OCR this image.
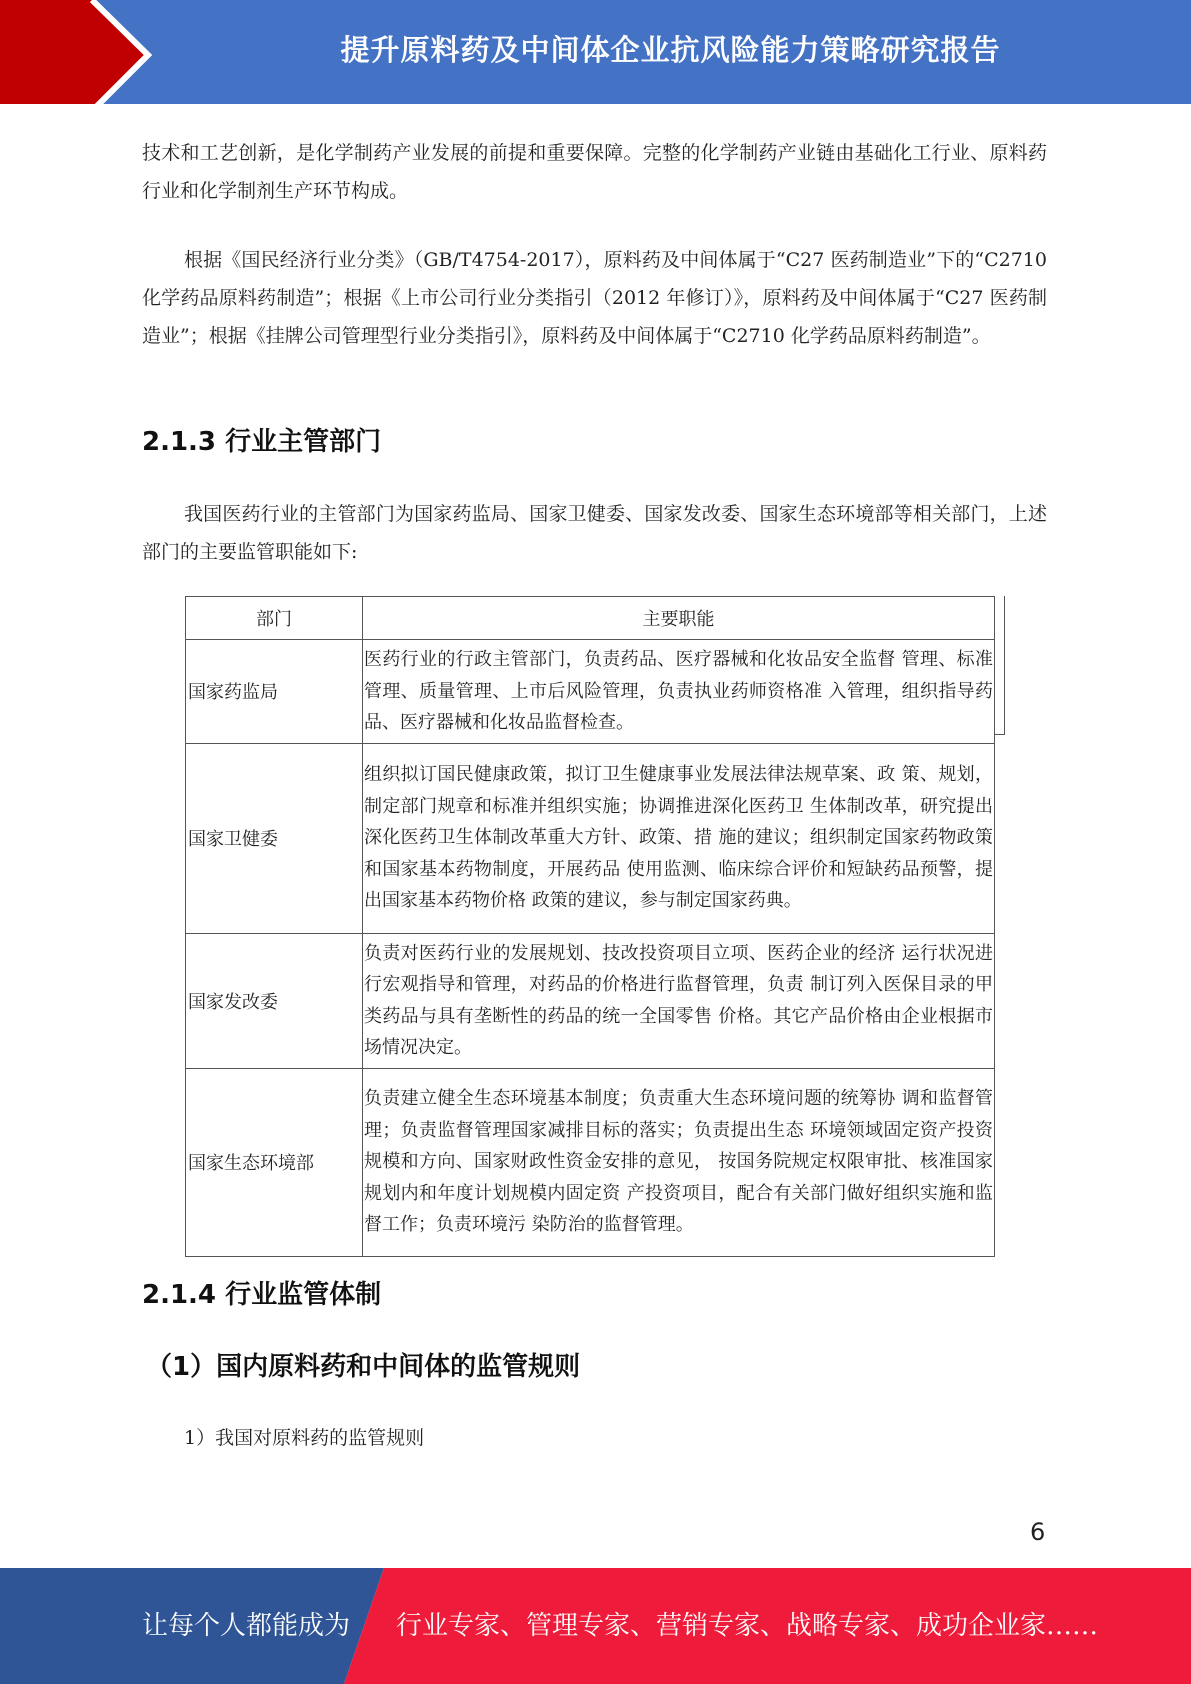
提升原料药及中间体企业抗风险能力策略研究报告

技术和工艺创新，是化学制药产业发展的前提和重要保障。完整的化学制药产业链由基础化工行业、原料药行业和化学制剂生产环节构成。

根据《国民经济行业分类》（GB/T4754-2017），原料药及中间体属于“C27 医药制造业”下的“C2710 化学药品原料药制造”；根据《上市公司行业分类指引（2012 年修订）》，原料药及中间体属于“C27 医药制造业”；根据《挂牌公司管理型行业分类指引》，原料药及中间体属于“C2710 化学药品原料药制造”。

2.1.3 行业主管部门

我国医药行业的主管部门为国家药监局、国家卫健委、国家发改委、国家生态环境部等相关部门，上述部门的主要监管职能如下:

部门	主要职能
国家药监局	医药行业的行政主管部门，负责药品、医疗器械和化妆品安全监督 管理、标准管理、质量管理、上市后风险管理，负责执业药师资格准 入管理，组织指导药品、医疗器械和化妆品监督检查。
国家卫健委	组织拟订国民健康政策，拟订卫生健康事业发展法律法规草案、政 策、规划，制定部门规章和标准并组织实施；协调推进深化医药卫 生体制改革，研究提出深化医药卫生体制改革重大方针、政策、措 施的建议；组织制定国家药物政策和国家基本药物制度，开展药品 使用监测、临床综合评价和短缺药品预警，提出国家基本药物价格 政策的建议，参与制定国家药典。
国家发改委	负责对医药行业的发展规划、技改投资项目立项、医药企业的经济 运行状况进行宏观指导和管理，对药品的价格进行监督管理，负责 制订列入医保目录的甲类药品与具有垄断性的药品的统一全国零售 价格。其它产品价格由企业根据市场情况决定。
国家生态环境部	负责建立健全生态环境基本制度；负责重大生态环境问题的统筹协 调和监督管理；负责监督管理国家减排目标的落实；负责提出生态 环境领域固定资产投资规模和方向、国家财政性资金安排的意见， 按国务院规定权限审批、核准国家规划内和年度计划规模内固定资 产投资项目，配合有关部门做好组织实施和监督工作；负责环境污 染防治的监督管理。
2.1.4 行业监管体制
（1）国内原料药和中间体的监管规则
1）我国对原料药的监管规则
6
让每个人都能成为 行业专家、管理专家、营销专家、战略专家、成功企业家……
